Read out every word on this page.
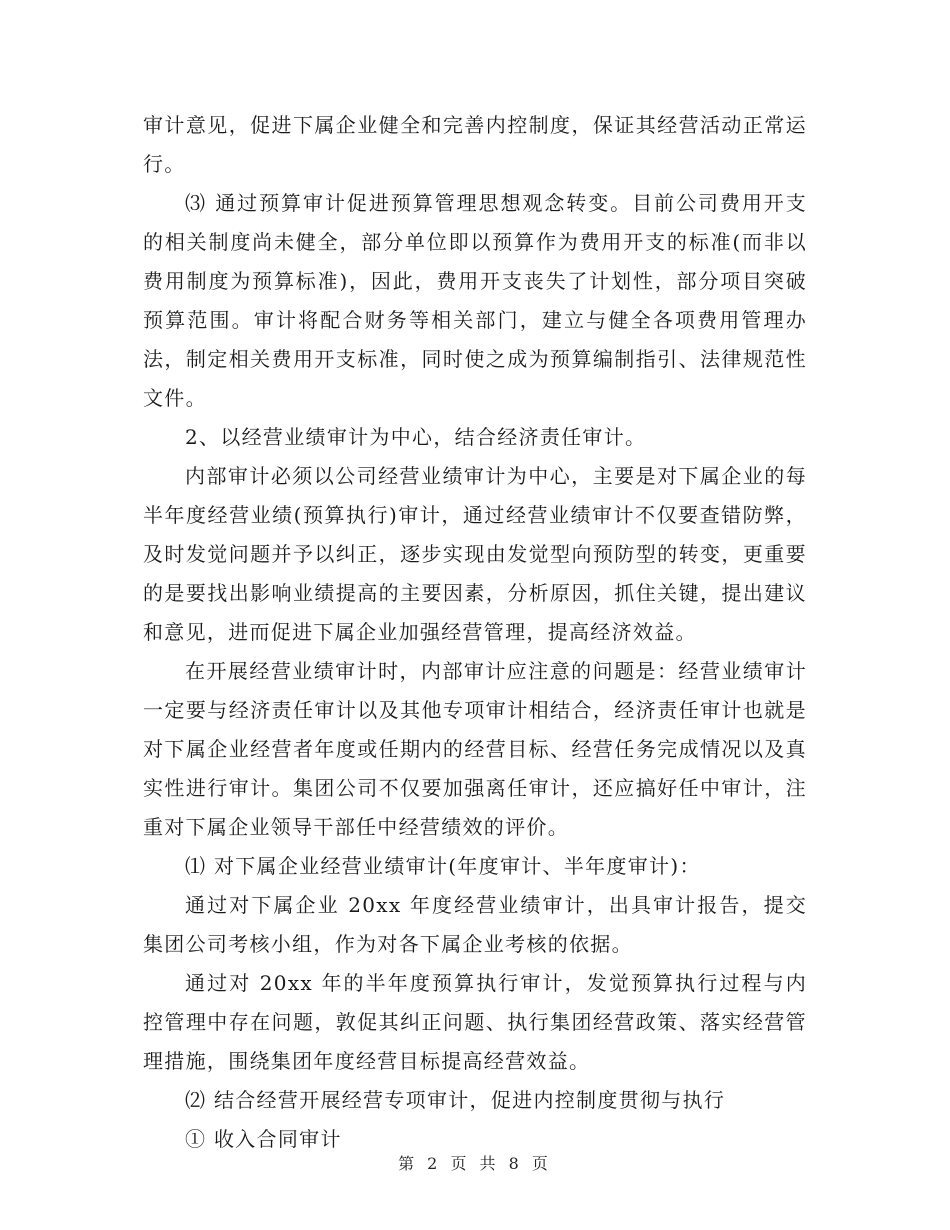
审计意见，促进下属企业健全和完善内控制度，保证其经营活动正常运行。

⑶ 通过预算审计促进预算管理思想观念转变。目前公司费用开支的相关制度尚未健全，部分单位即以预算作为费用开支的标准(而非以费用制度为预算标准)，因此，费用开支丧失了计划性，部分项目突破预算范围。审计将配合财务等相关部门，建立与健全各项费用管理办法，制定相关费用开支标准，同时使之成为预算编制指引、法律规范性文件。

2、以经营业绩审计为中心，结合经济责任审计。

内部审计必须以公司经营业绩审计为中心，主要是对下属企业的每半年度经营业绩(预算执行)审计，通过经营业绩审计不仅要查错防弊，及时发觉问题并予以纠正，逐步实现由发觉型向预防型的转变，更重要的是要找出影响业绩提高的主要因素，分析原因，抓住关键，提出建议和意见，进而促进下属企业加强经营管理，提高经济效益。

在开展经营业绩审计时，内部审计应注意的问题是：经营业绩审计一定要与经济责任审计以及其他专项审计相结合，经济责任审计也就是对下属企业经营者年度或任期内的经营目标、经营任务完成情况以及真实性进行审计。集团公司不仅要加强离任审计，还应搞好任中审计，注重对下属企业领导干部任中经营绩效的评价。

⑴ 对下属企业经营业绩审计(年度审计、半年度审计)：

通过对下属企业 20xx 年度经营业绩审计，出具审计报告，提交集团公司考核小组，作为对各下属企业考核的依据。

通过对 20xx 年的半年度预算执行审计，发觉预算执行过程与内控管理中存在问题，敦促其纠正问题、执行集团经营政策、落实经营管理措施，围绕集团年度经营目标提高经营效益。

⑵ 结合经营开展经营专项审计，促进内控制度贯彻与执行

① 收入合同审计

第 2 页 共 8 页
